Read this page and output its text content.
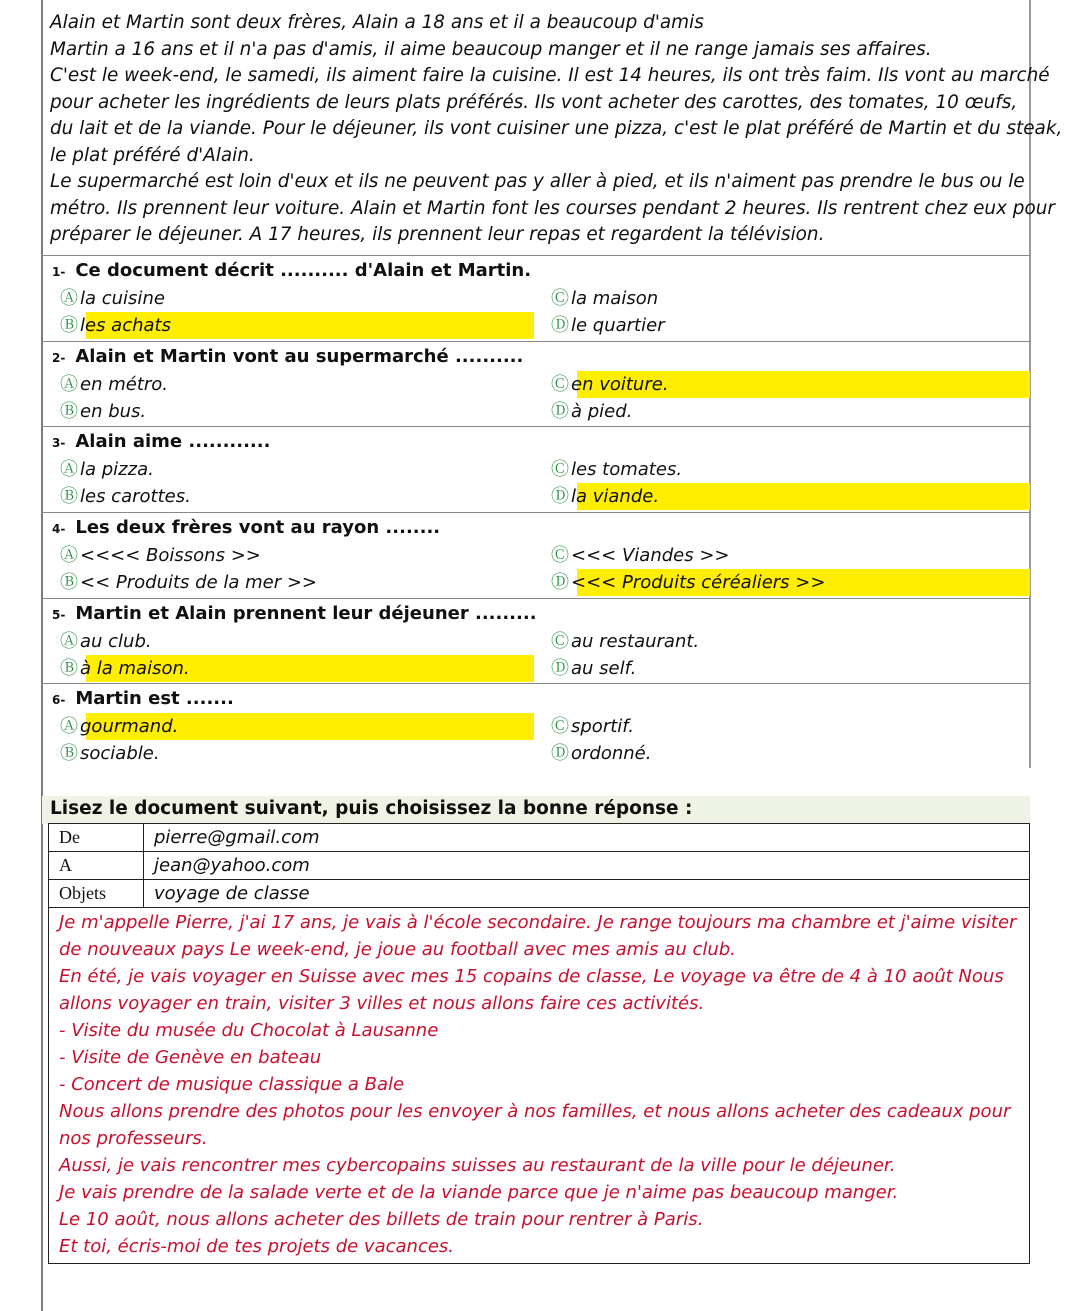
Alain et Martin sont deux frères, Alain a 18 ans et il a beaucoup d'amis

Martin a 16 ans et il n'a pas d'amis, il aime beaucoup manger et il ne range jamais ses affaires.

C'est le week-end, le samedi, ils aiment faire la cuisine. Il est 14 heures, ils ont très faim. Ils vont au marché

pour acheter les ingrédients de leurs plats préférés. Ils vont acheter des carottes, des tomates, 10 œufs,

du lait et de la viande. Pour le déjeuner, ils vont cuisiner une pizza, c'est le plat préféré de Martin et du steak,

le plat préféré d'Alain.

Le supermarché est loin d'eux et ils ne peuvent pas y aller à pied, et ils n'aiment pas prendre le bus ou le

métro. Ils prennent leur voiture. Alain et Martin font les courses pendant 2 heures. Ils rentrent chez eux pour

préparer le déjeuner. A 17 heures, ils prennent leur repas et regardent la télévision.

1- Ce document décrit .......... d'Alain et Martin.
Ⓐ la cuisine
Ⓑ les achats
Ⓒ la maison
Ⓓ le quartier
2- Alain et Martin vont au supermarché ..........
Ⓐ en métro.
Ⓑ en bus.
Ⓒ en voiture.
Ⓓ à pied.
3- Alain aime ............
Ⓐ la pizza.
Ⓑ les carottes.
Ⓒ les tomates.
Ⓓ la viande.
4- Les deux frères vont au rayon ........
Ⓐ <<<< Boissons >>
Ⓑ << Produits de la mer >>
Ⓒ <<< Viandes >>
Ⓓ <<< Produits céréaliers >>
5- Martin et Alain prennent leur déjeuner .........
Ⓐ au club.
Ⓑ à la maison.
Ⓒ au restaurant.
Ⓓ au self.
6- Martin est .......
Ⓐ gourmand.
Ⓑ sociable.
Ⓒ sportif.
Ⓓ ordonné.
Lisez le document suivant, puis choisissez la bonne réponse :
De	pierre@gmail.com
A	jean@yahoo.com
Objets	voyage de classe

Je m'appelle Pierre, j'ai 17 ans, je vais à l'école secondaire. Je range toujours ma chambre et j'aime visiter

de nouveaux pays Le week-end, je joue au football avec mes amis au club.

En été, je vais voyager en Suisse avec mes 15 copains de classe, Le voyage va être de 4 à 10 août Nous

allons voyager en train, visiter 3 villes et nous allons faire ces activités.

- Visite du musée du Chocolat à Lausanne

- Visite de Genève en bateau

- Concert de musique classique a Bale

Nous allons prendre des photos pour les envoyer à nos familles, et nous allons acheter des cadeaux pour

nos professeurs.

Aussi, je vais rencontrer mes cybercopains suisses au restaurant de la ville pour le déjeuner.

Je vais prendre de la salade verte et de la viande parce que je n'aime pas beaucoup manger.

Le 10 août, nous allons acheter des billets de train pour rentrer à Paris.

Et toi, écris-moi de tes projets de vacances.
